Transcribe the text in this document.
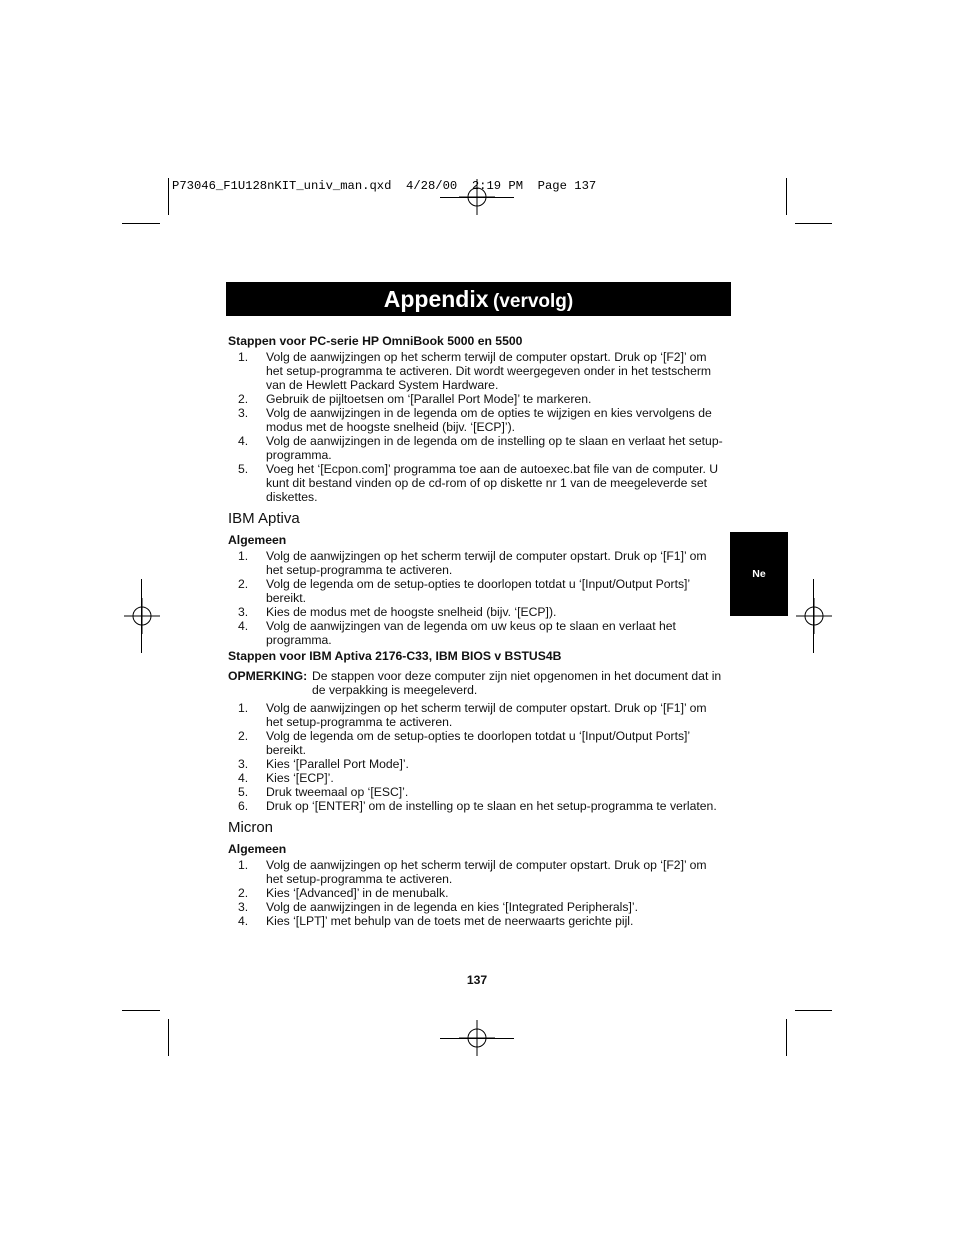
P73046_F1U128nKIT_univ_man.qxd  4/28/00  2:19 PM  Page 137
Appendix (vervolg)
Ne

Stappen voor PC-serie HP OmniBook 5000 en 5500

1. Volg de aanwijzingen op het scherm terwijl de computer opstart. Druk op ‘[F2]’ om het setup-programma te activeren. Dit wordt weergegeven onder in het testscherm van de Hewlett Packard System Hardware.
2. Gebruik de pijltoetsen om ‘[Parallel Port Mode]’ te markeren.
3. Volg de aanwijzingen in de legenda om de opties te wijzigen en kies vervolgens de modus met de hoogste snelheid (bijv. ‘[ECP]’).
4. Volg de aanwijzingen in de legenda om de instelling op te slaan en verlaat het setup-programma.
5. Voeg het ‘[Ecpon.com]’ programma toe aan de autoexec.bat file van de computer. U kunt dit bestand vinden op de cd-rom of op diskette nr 1 van de meegeleverde set diskettes.
IBM Aptiva

Algemeen

1. Volg de aanwijzingen op het scherm terwijl de computer opstart. Druk op ‘[F1]’ om het setup-programma te activeren.
2. Volg de legenda om de setup-opties te doorlopen totdat u ‘[Input/Output Ports]’ bereikt.
3. Kies de modus met de hoogste snelheid (bijv. ‘[ECP]).
4. Volg de aanwijzingen van de legenda om uw keus op te slaan en verlaat het programma.

Stappen voor IBM Aptiva 2176-C33, IBM BIOS v BSTUS4B

OPMERKING: De stappen voor deze computer zijn niet opgenomen in het document dat in de verpakking is meegeleverd.
1. Volg de aanwijzingen op het scherm terwijl de computer opstart. Druk op ‘[F1]’ om het setup-programma te activeren.
2. Volg de legenda om de setup-opties te doorlopen totdat u ‘[Input/Output Ports]’ bereikt.
3. Kies ‘[Parallel Port Mode]’.
4. Kies ‘[ECP]’.
5. Druk tweemaal op ‘[ESC]’.
6. Druk op ‘[ENTER]’ om de instelling op te slaan en het setup-programma te verlaten.
Micron

Algemeen

1. Volg de aanwijzingen op het scherm terwijl de computer opstart. Druk op ‘[F2]’ om het setup-programma te activeren.
2. Kies ‘[Advanced]’ in de menubalk.
3. Volg de aanwijzingen in de legenda en kies ‘[Integrated Peripherals]’.
4. Kies ‘[LPT]’ met behulp van de toets met de neerwaarts gerichte pijl.
137
